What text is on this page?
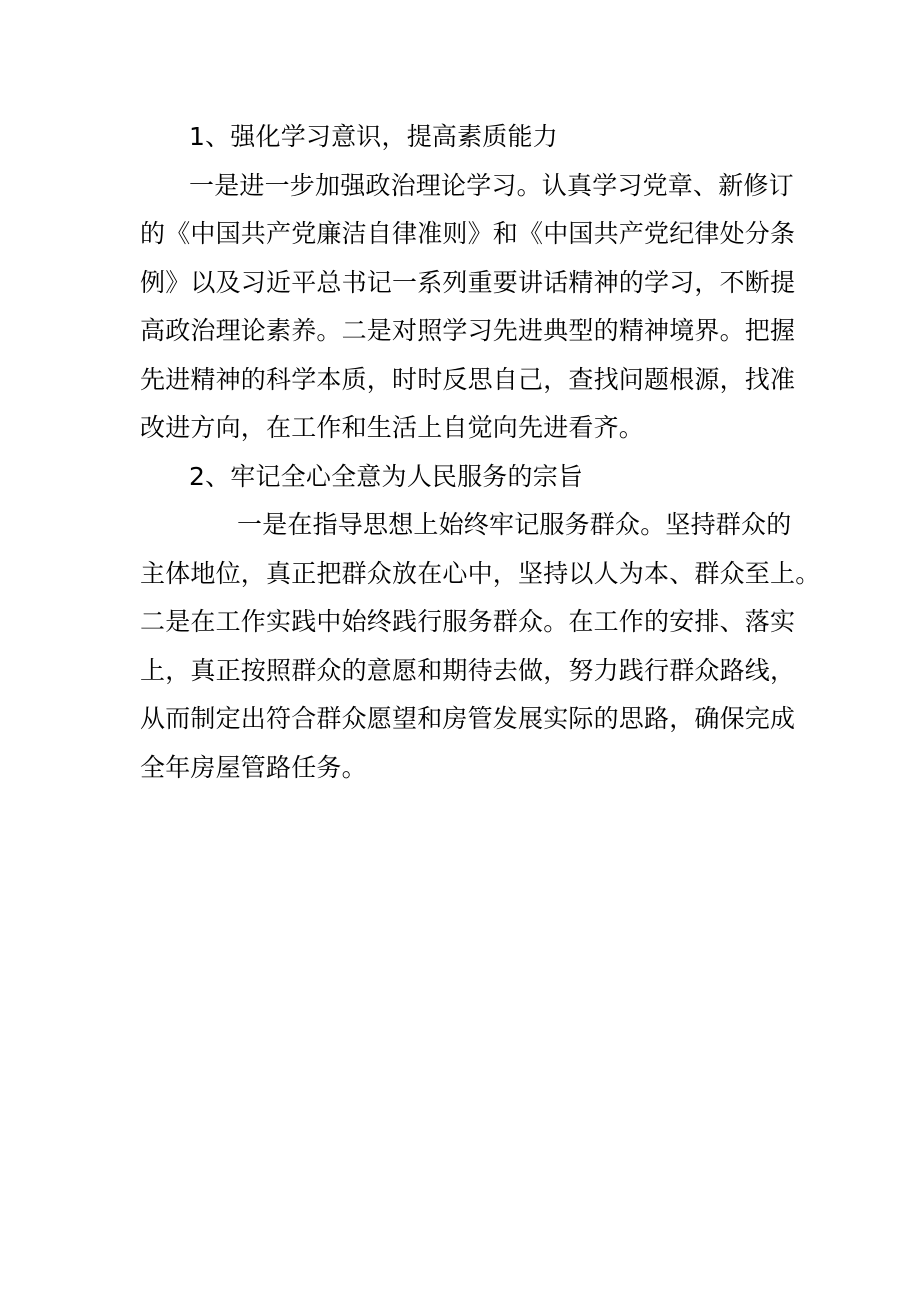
1、强化学习意识，提高素质能力
一是进一步加强政治理论学习。认真学习党章、新修订
的《中国共产党廉洁自律准则》和《中国共产党纪律处分条
例》以及习近平总书记一系列重要讲话精神的学习，不断提
高政治理论素养。二是对照学习先进典型的精神境界。把握
先进精神的科学本质，时时反思自己，查找问题根源，找准
改进方向，在工作和生活上自觉向先进看齐。
2、牢记全心全意为人民服务的宗旨
一是在指导思想上始终牢记服务群众。坚持群众的
主体地位，真正把群众放在心中，坚持以人为本、群众至上。
二是在工作实践中始终践行服务群众。在工作的安排、落实
上，真正按照群众的意愿和期待去做，努力践行群众路线，
从而制定出符合群众愿望和房管发展实际的思路，确保完成
全年房屋管路任务。
